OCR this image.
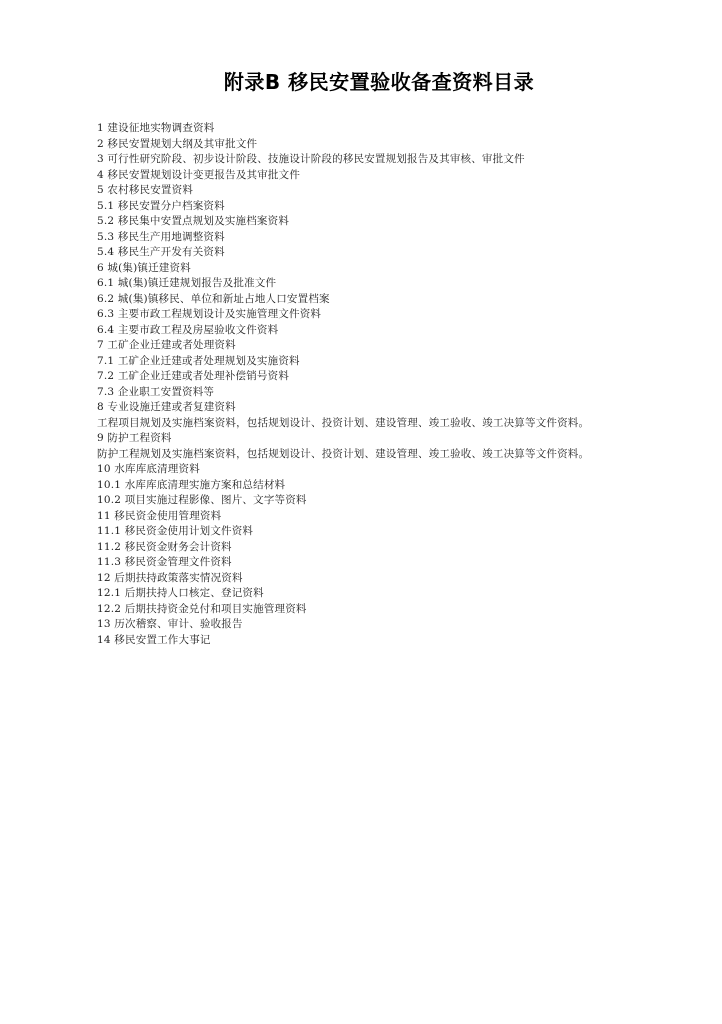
附录B 移民安置验收备查资料目录
1 建设征地实物调查资料
2 移民安置规划大纲及其审批文件
3 可行性研究阶段、初步设计阶段、技施设计阶段的移民安置规划报告及其审核、审批文件
4 移民安置规划设计变更报告及其审批文件
5 农村移民安置资料
5.1 移民安置分户档案资料
5.2 移民集中安置点规划及实施档案资料
5.3 移民生产用地调整资料
5.4 移民生产开发有关资料
6 城(集)镇迁建资料
6.1 城(集)镇迁建规划报告及批准文件
6.2 城(集)镇移民、单位和新址占地人口安置档案
6.3 主要市政工程规划设计及实施管理文件资料
6.4 主要市政工程及房屋验收文件资料
7 工矿企业迁建或者处理资料
7.1 工矿企业迁建或者处理规划及实施资料
7.2 工矿企业迁建或者处理补偿销号资料
7.3 企业职工安置资料等
8 专业设施迁建或者复建资料
工程项目规划及实施档案资料，包括规划设计、投资计划、建设管理、竣工验收、竣工决算等文件资料。
9 防护工程资料
防护工程规划及实施档案资料，包括规划设计、投资计划、建设管理、竣工验收、竣工决算等文件资料。
10 水库库底清理资料
10.1 水库库底清理实施方案和总结材料
10.2 项目实施过程影像、图片、文字等资料
11 移民资金使用管理资料
11.1 移民资金使用计划文件资料
11.2 移民资金财务会计资料
11.3 移民资金管理文件资料
12 后期扶持政策落实情况资料
12.1 后期扶持人口核定、登记资料
12.2 后期扶持资金兑付和项目实施管理资料
13 历次稽察、审计、验收报告
14 移民安置工作大事记
